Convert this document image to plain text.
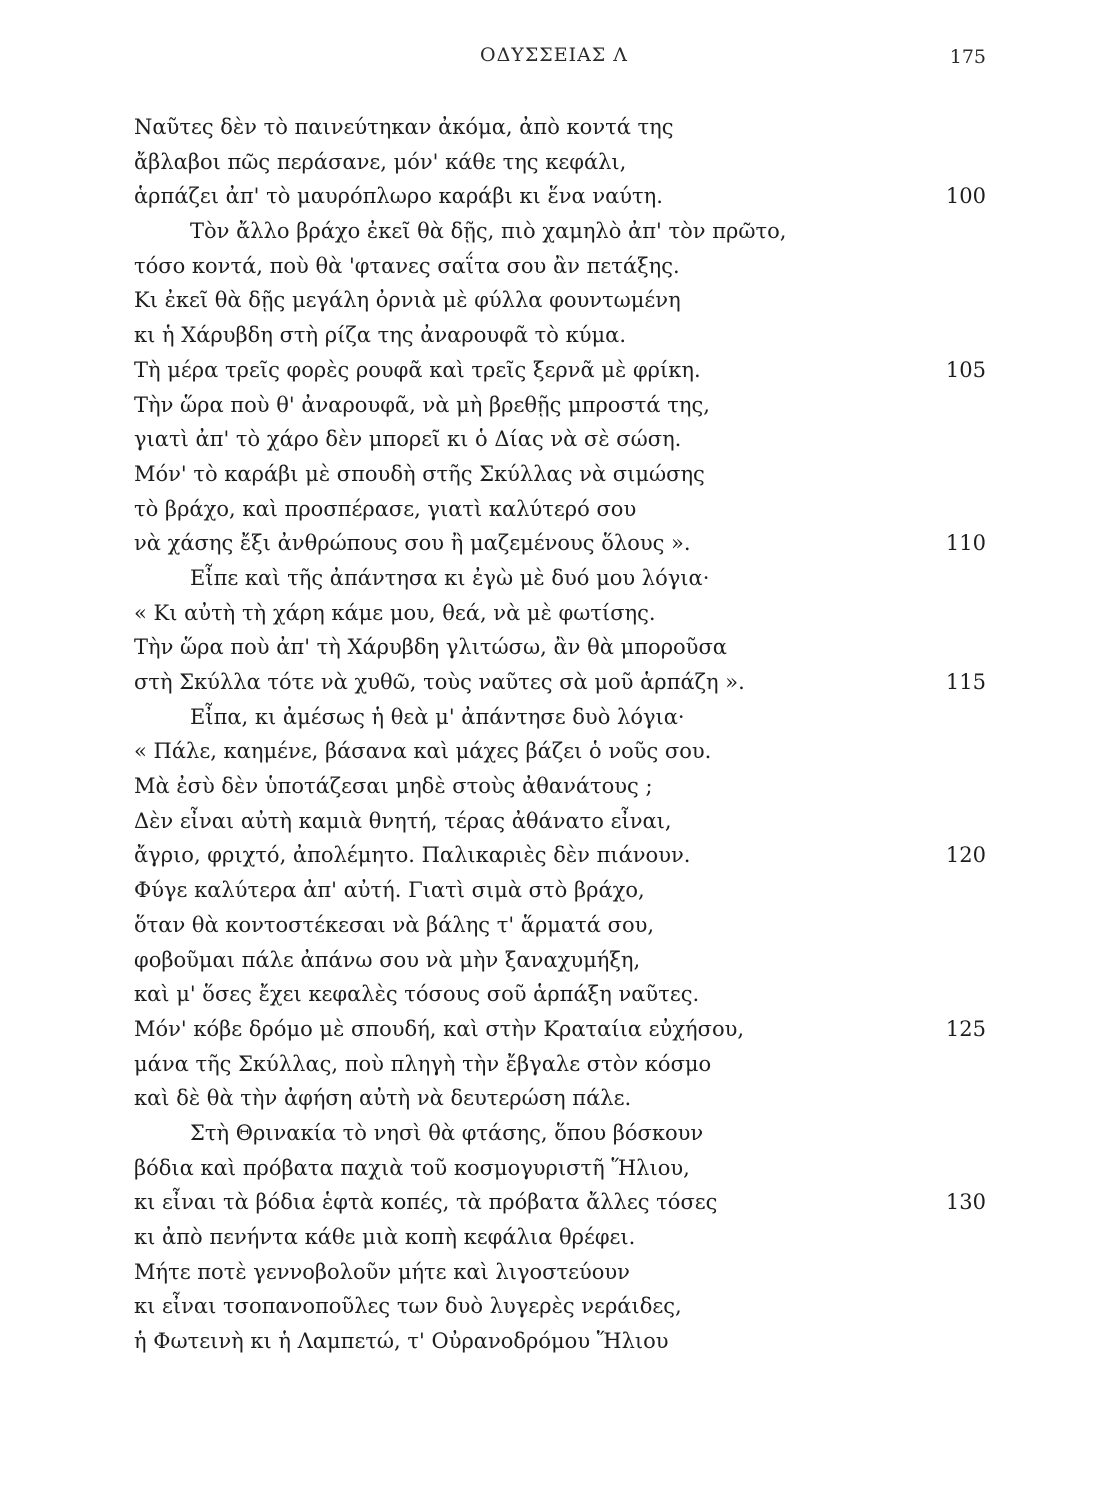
ΟΔΥΣΣΕΙΑΣ Λ	175
Ναῦτες δὲν τὸ παινεύτηκαν ἀκόμα, ἀπὸ κοντά της
ἄβλαβοι πῶς περάσανε, μόν' κάθε της κεφάλι,
ἁρπάζει ἀπ' τὸ μαυρόπλωρο καράβι κι ἕνα ναύτη.	100
Τὸν ἄλλο βράχο ἐκεῖ θὰ δῇς, πιὸ χαμηλὸ ἀπ' τὸν πρῶτο,
τόσο κοντά, ποὺ θὰ 'φτανες σαΐτα σου ἂν πετάξης.
Κι ἐκεῖ θὰ δῇς μεγάλη ὀρνιὰ μὲ φύλλα φουντωμένη
κι ἡ Χάρυβδη στὴ ρίζα της ἀναρουφᾶ τὸ κύμα.
Τὴ μέρα τρεῖς φορὲς ρουφᾶ καὶ τρεῖς ξερνᾶ μὲ φρίκη.	105
Τὴν ὥρα ποὺ θ' ἀναρουφᾶ, νὰ μὴ βρεθῇς μπροστά της,
γιατὶ ἀπ' τὸ χάρο δὲν μπορεῖ κι ὁ Δίας νὰ σὲ σώση.
Μόν' τὸ καράβι μὲ σπουδὴ στῆς Σκύλλας νὰ σιμώσης
τὸ βράχο, καὶ προσπέρασε, γιατὶ καλύτερό σου
νὰ χάσης ἔξι ἀνθρώπους σου ἢ μαζεμένους ὅλους ».	110
Εἶπε καὶ τῆς ἀπάντησα κι ἐγὼ μὲ δυό μου λόγια·
« Κι αὐτὴ τὴ χάρη κάμε μου, θεά, νὰ μὲ φωτίσης.
Τὴν ὥρα ποὺ ἀπ' τὴ Χάρυβδη γλιτώσω, ἂν θὰ μποροῦσα
στὴ Σκύλλα τότε νὰ χυθῶ, τοὺς ναῦτες σὰ μοῦ ἁρπάζη ».	115
Εἶπα, κι ἀμέσως ἡ θεὰ μ' ἀπάντησε δυὸ λόγια·
« Πάλε, καημένε, βάσανα καὶ μάχες βάζει ὁ νοῦς σου.
Μὰ ἐσὺ δὲν ὑποτάζεσαι μηδὲ στοὺς ἀθανάτους ;
Δὲν εἶναι αὐτὴ καμιὰ θνητή, τέρας ἀθάνατο εἶναι,
ἄγριο, φριχτό, ἀπολέμητο. Παλικαριὲς δὲν πιάνουν.	120
Φύγε καλύτερα ἀπ' αὐτή. Γιατὶ σιμὰ στὸ βράχο,
ὅταν θὰ κοντοστέκεσαι νὰ βάλης τ' ἅρματά σου,
φοβοῦμαι πάλε ἀπάνω σου νὰ μὴν ξαναχυμήξη,
καὶ μ' ὅσες ἔχει κεφαλὲς τόσους σοῦ ἁρπάξη ναῦτες.
Μόν' κόβε δρόμο μὲ σπουδή, καὶ στὴν Κραταίια εὐχήσου,	125
μάνα τῆς Σκύλλας, ποὺ πληγὴ τὴν ἔβγαλε στὸν κόσμο
καὶ δὲ θὰ τὴν ἀφήση αὐτὴ νὰ δευτερώση πάλε.
Στὴ Θρινακία τὸ νησὶ θὰ φτάσης, ὅπου βόσκουν
βόδια καὶ πρόβατα παχιὰ τοῦ κοσμογυριστῆ Ἥλιου,
κι εἶναι τὰ βόδια ἑφτὰ κοπές, τὰ πρόβατα ἄλλες τόσες	130
κι ἀπὸ πενήντα κάθε μιὰ κοπὴ κεφάλια θρέφει.
Μήτε ποτὲ γεννοβολοῦν μήτε καὶ λιγοστεύουν
κι εἶναι τσοπανοποῦλες των δυὸ λυγερὲς νεράιδες,
ἡ Φωτεινὴ κι ἡ Λαμπετώ, τ' Οὐρανοδρόμου Ἥλιου
